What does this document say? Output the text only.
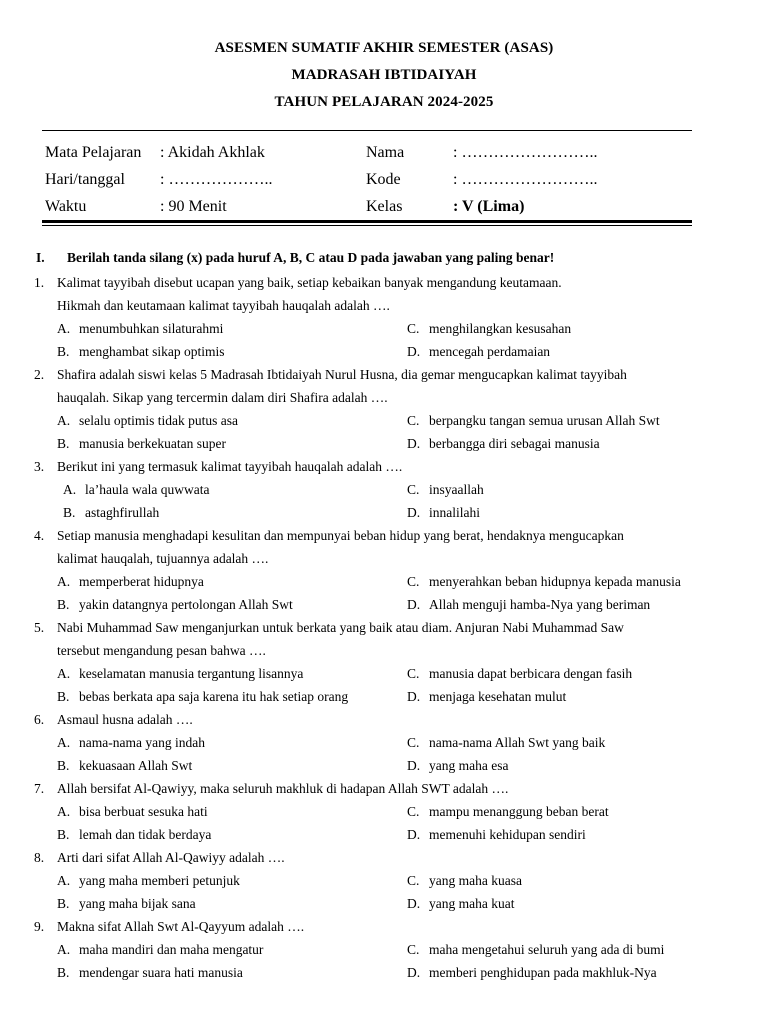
ASESMEN SUMATIF AKHIR SEMESTER (ASAS)
MADRASAH IBTIDAIYAH
TAHUN PELAJARAN 2024-2025
Mata Pelajaran : Akidah Akhlak	Nama	: ……………………..
Hari/tanggal : ………………..	Kode	: ……………………..
Waktu	: 90 Menit	Kelas	: V (Lima)
I. Berilah tanda silang (x) pada huruf A, B, C atau D pada jawaban yang paling benar!
1. Kalimat tayyibah disebut ucapan yang baik, setiap kebaikan banyak mengandung keutamaan.
Hikmah dan keutamaan kalimat tayyibah hauqalah adalah ….
A. menumbuhkan silaturahmi	C. menghilangkan kesusahan
B. menghambat sikap optimis	D. mencegah perdamaian
2. Shafira adalah siswi kelas 5 Madrasah Ibtidaiyah Nurul Husna, dia gemar mengucapkan kalimat tayyibah
hauqalah. Sikap yang tercermin dalam diri Shafira adalah ….
A. selalu optimis tidak putus asa	C. berpangku tangan semua urusan Allah Swt
B. manusia berkekuatan super	D. berbangga diri sebagai manusia
3. Berikut ini yang termasuk kalimat tayyibah hauqalah adalah ….
A. la’haula wala quwwata	C. insyaallah
B. astaghfirullah	D. innalilahi
4. Setiap manusia menghadapi kesulitan dan mempunyai beban hidup yang berat, hendaknya mengucapkan
kalimat hauqalah, tujuannya adalah ….
A. memperberat hidupnya	C. menyerahkan beban hidupnya kepada manusia
B. yakin datangnya pertolongan Allah Swt	D. Allah menguji hamba-Nya yang beriman
5. Nabi Muhammad Saw menganjurkan untuk berkata yang baik atau diam. Anjuran Nabi Muhammad Saw
tersebut mengandung pesan bahwa ….
A. keselamatan manusia tergantung lisannya	C. manusia dapat berbicara dengan fasih
B. bebas berkata apa saja karena itu hak setiap orang	D. menjaga kesehatan mulut
6. Asmaul husna adalah ….
A. nama-nama yang indah	C. nama-nama Allah Swt yang baik
B. kekuasaan Allah Swt	D. yang maha esa
7. Allah bersifat Al-Qawiyy, maka seluruh makhluk di hadapan Allah SWT adalah ….
A. bisa berbuat sesuka hati	C. mampu menanggung beban berat
B. lemah dan tidak berdaya	D. memenuhi kehidupan sendiri
8. Arti dari sifat Allah Al-Qawiyy adalah ….
A. yang maha memberi petunjuk	C. yang maha kuasa
B. yang maha bijak sana	D. yang maha kuat
9. Makna sifat Allah Swt Al-Qayyum adalah ….
A. maha mandiri dan maha mengatur	C. maha mengetahui seluruh yang ada di bumi
B. mendengar suara hati manusia	D. memberi penghidupan pada makhluk-Nya
